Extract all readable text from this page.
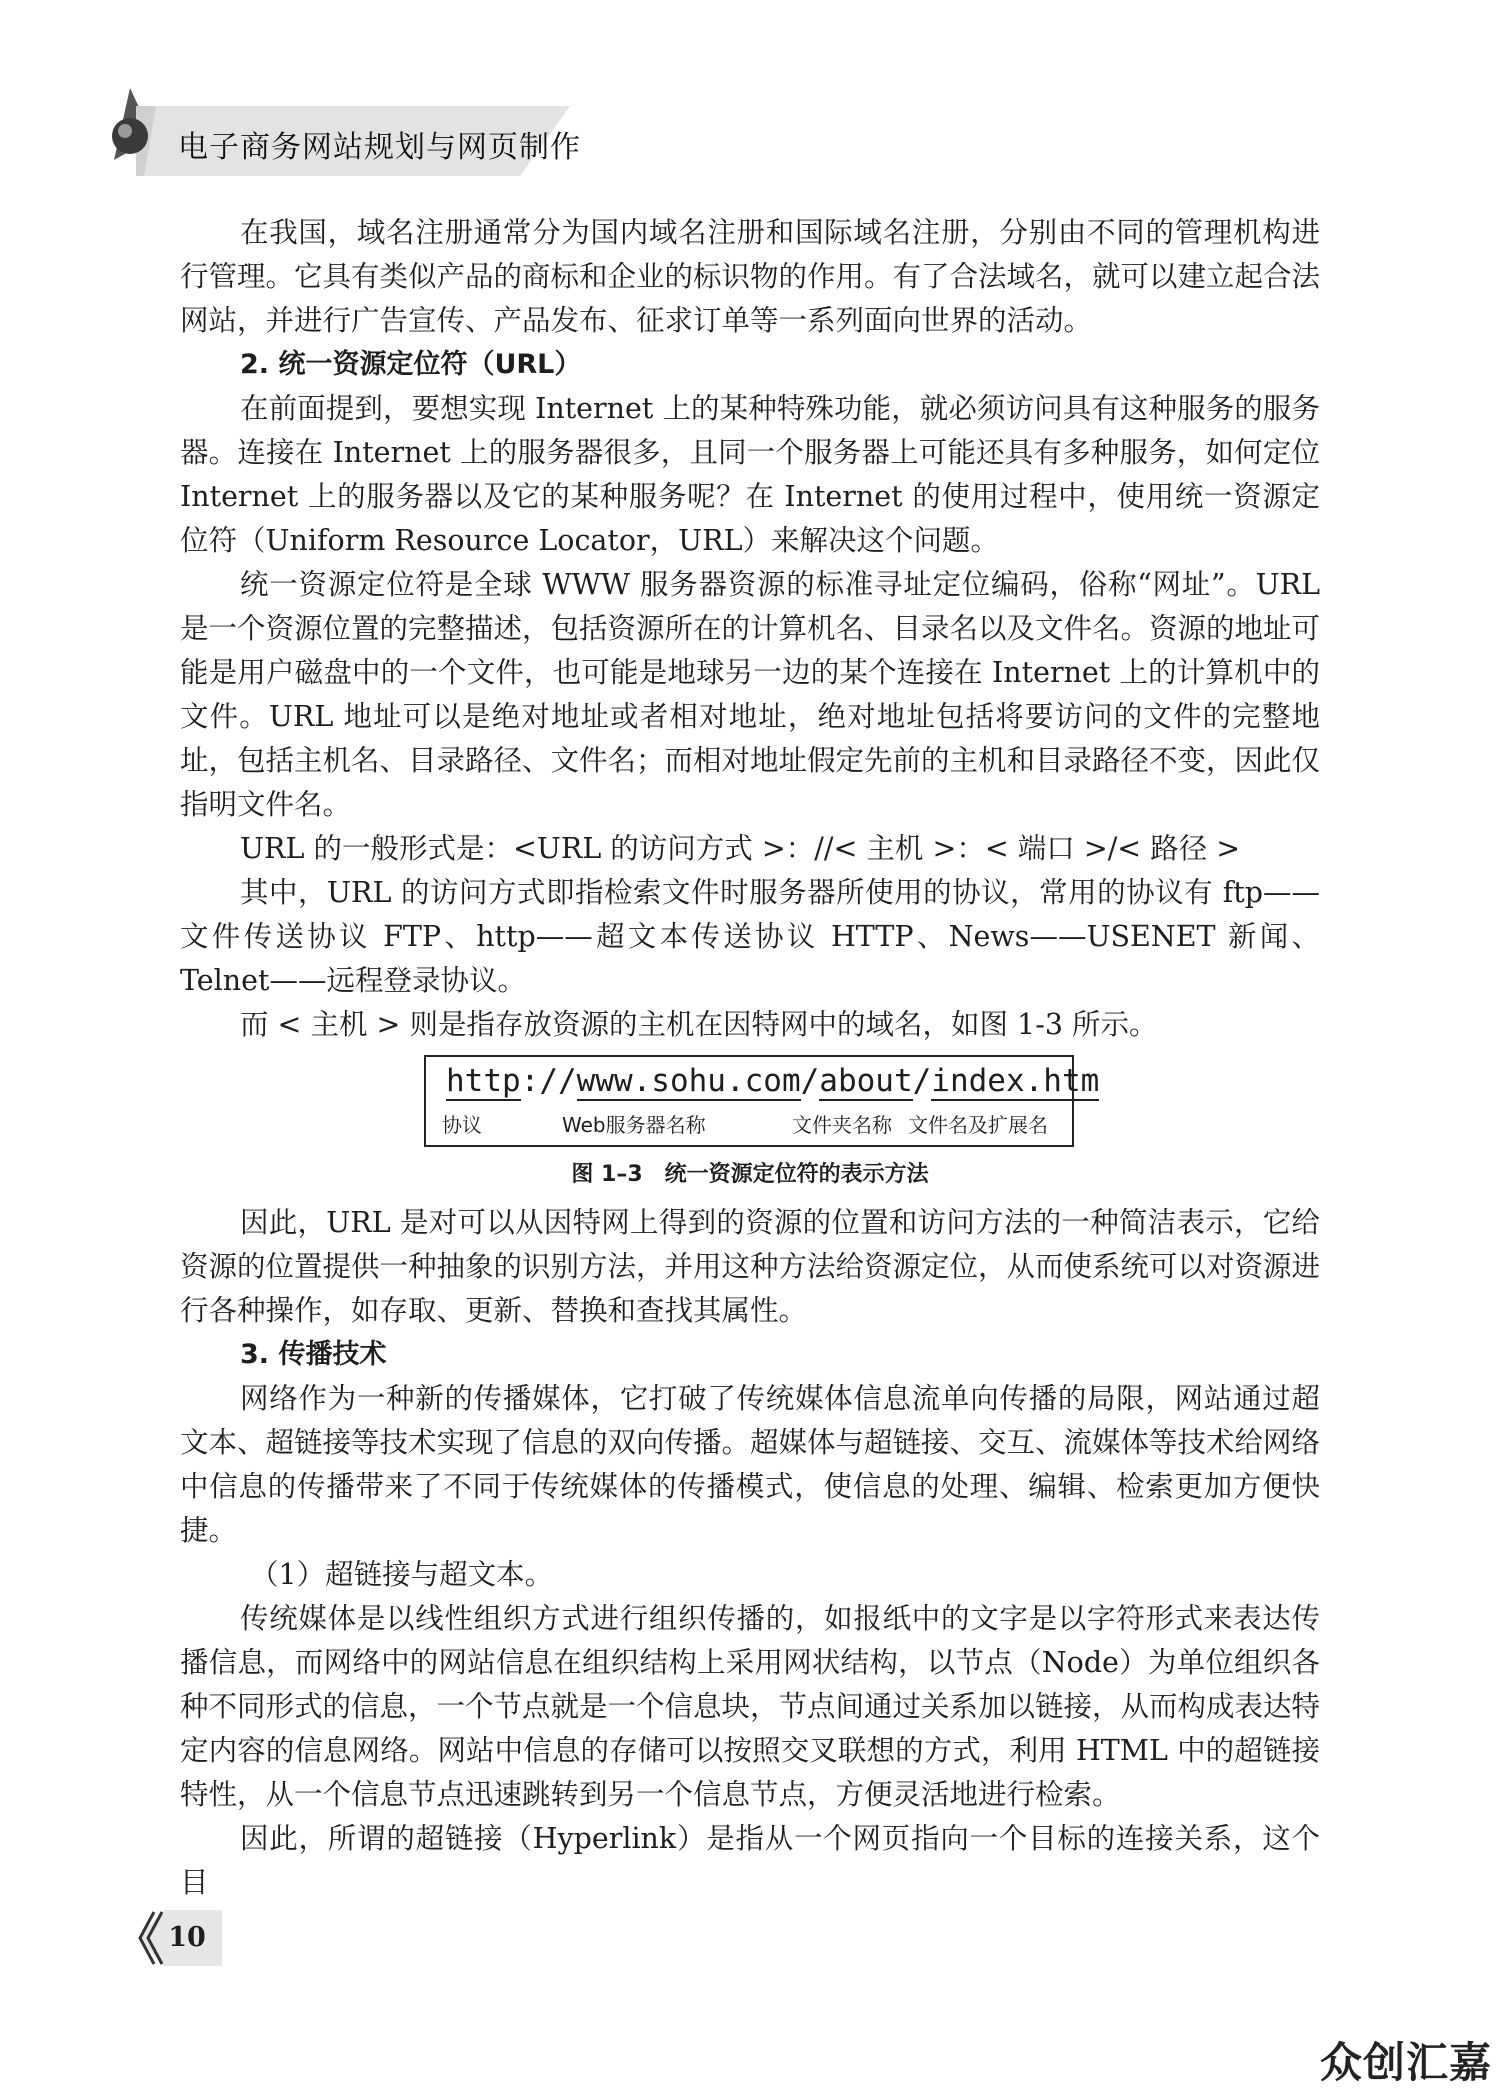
电子商务网站规划与网页制作

在我国，域名注册通常分为国内域名注册和国际域名注册，分别由不同的管理机构进行管理。它具有类似产品的商标和企业的标识物的作用。有了合法域名，就可以建立起合法网站，并进行广告宣传、产品发布、征求订单等一系列面向世界的活动。

2. 统一资源定位符（URL）

在前面提到，要想实现 Internet 上的某种特殊功能，就必须访问具有这种服务的服务器。连接在 Internet 上的服务器很多，且同一个服务器上可能还具有多种服务，如何定位 Internet 上的服务器以及它的某种服务呢？在 Internet 的使用过程中，使用统一资源定位符（Uniform Resource Locator，URL）来解决这个问题。

统一资源定位符是全球 WWW 服务器资源的标准寻址定位编码，俗称“网址”。URL 是一个资源位置的完整描述，包括资源所在的计算机名、目录名以及文件名。资源的地址可能是用户磁盘中的一个文件，也可能是地球另一边的某个连接在 Internet 上的计算机中的文件。URL 地址可以是绝对地址或者相对地址，绝对地址包括将要访问的文件的完整地址，包括主机名、目录路径、文件名；而相对地址假定先前的主机和目录路径不变，因此仅指明文件名。

URL 的一般形式是：<URL 的访问方式 >：//< 主机 >：< 端口 >/< 路径 >

其中，URL 的访问方式即指检索文件时服务器所使用的协议，常用的协议有 ftp——文件传送协议 FTP、http——超文本传送协议 HTTP、News——USENET 新闻、Telnet——远程登录协议。

而 < 主机 > 则是指存放资源的主机在因特网中的域名，如图 1-3 所示。

http://www.sohu.com/about/index.htm
协议	Web服务器名称	文件夹名称 文件名及扩展名
图 1–3　统一资源定位符的表示方法

因此，URL 是对可以从因特网上得到的资源的位置和访问方法的一种简洁表示，它给资源的位置提供一种抽象的识别方法，并用这种方法给资源定位，从而使系统可以对资源进行各种操作，如存取、更新、替换和查找其属性。

3. 传播技术

网络作为一种新的传播媒体，它打破了传统媒体信息流单向传播的局限，网站通过超文本、超链接等技术实现了信息的双向传播。超媒体与超链接、交互、流媒体等技术给网络中信息的传播带来了不同于传统媒体的传播模式，使信息的处理、编辑、检索更加方便快捷。

（1）超链接与超文本。

传统媒体是以线性组织方式进行组织传播的，如报纸中的文字是以字符形式来表达传播信息，而网络中的网站信息在组织结构上采用网状结构，以节点（Node）为单位组织各种不同形式的信息，一个节点就是一个信息块，节点间通过关系加以链接，从而构成表达特定内容的信息网络。网站中信息的存储可以按照交叉联想的方式，利用 HTML 中的超链接特性，从一个信息节点迅速跳转到另一个信息节点，方便灵活地进行检索。

因此，所谓的超链接（Hyperlink）是指从一个网页指向一个目标的连接关系，这个目

10
众创汇嘉
